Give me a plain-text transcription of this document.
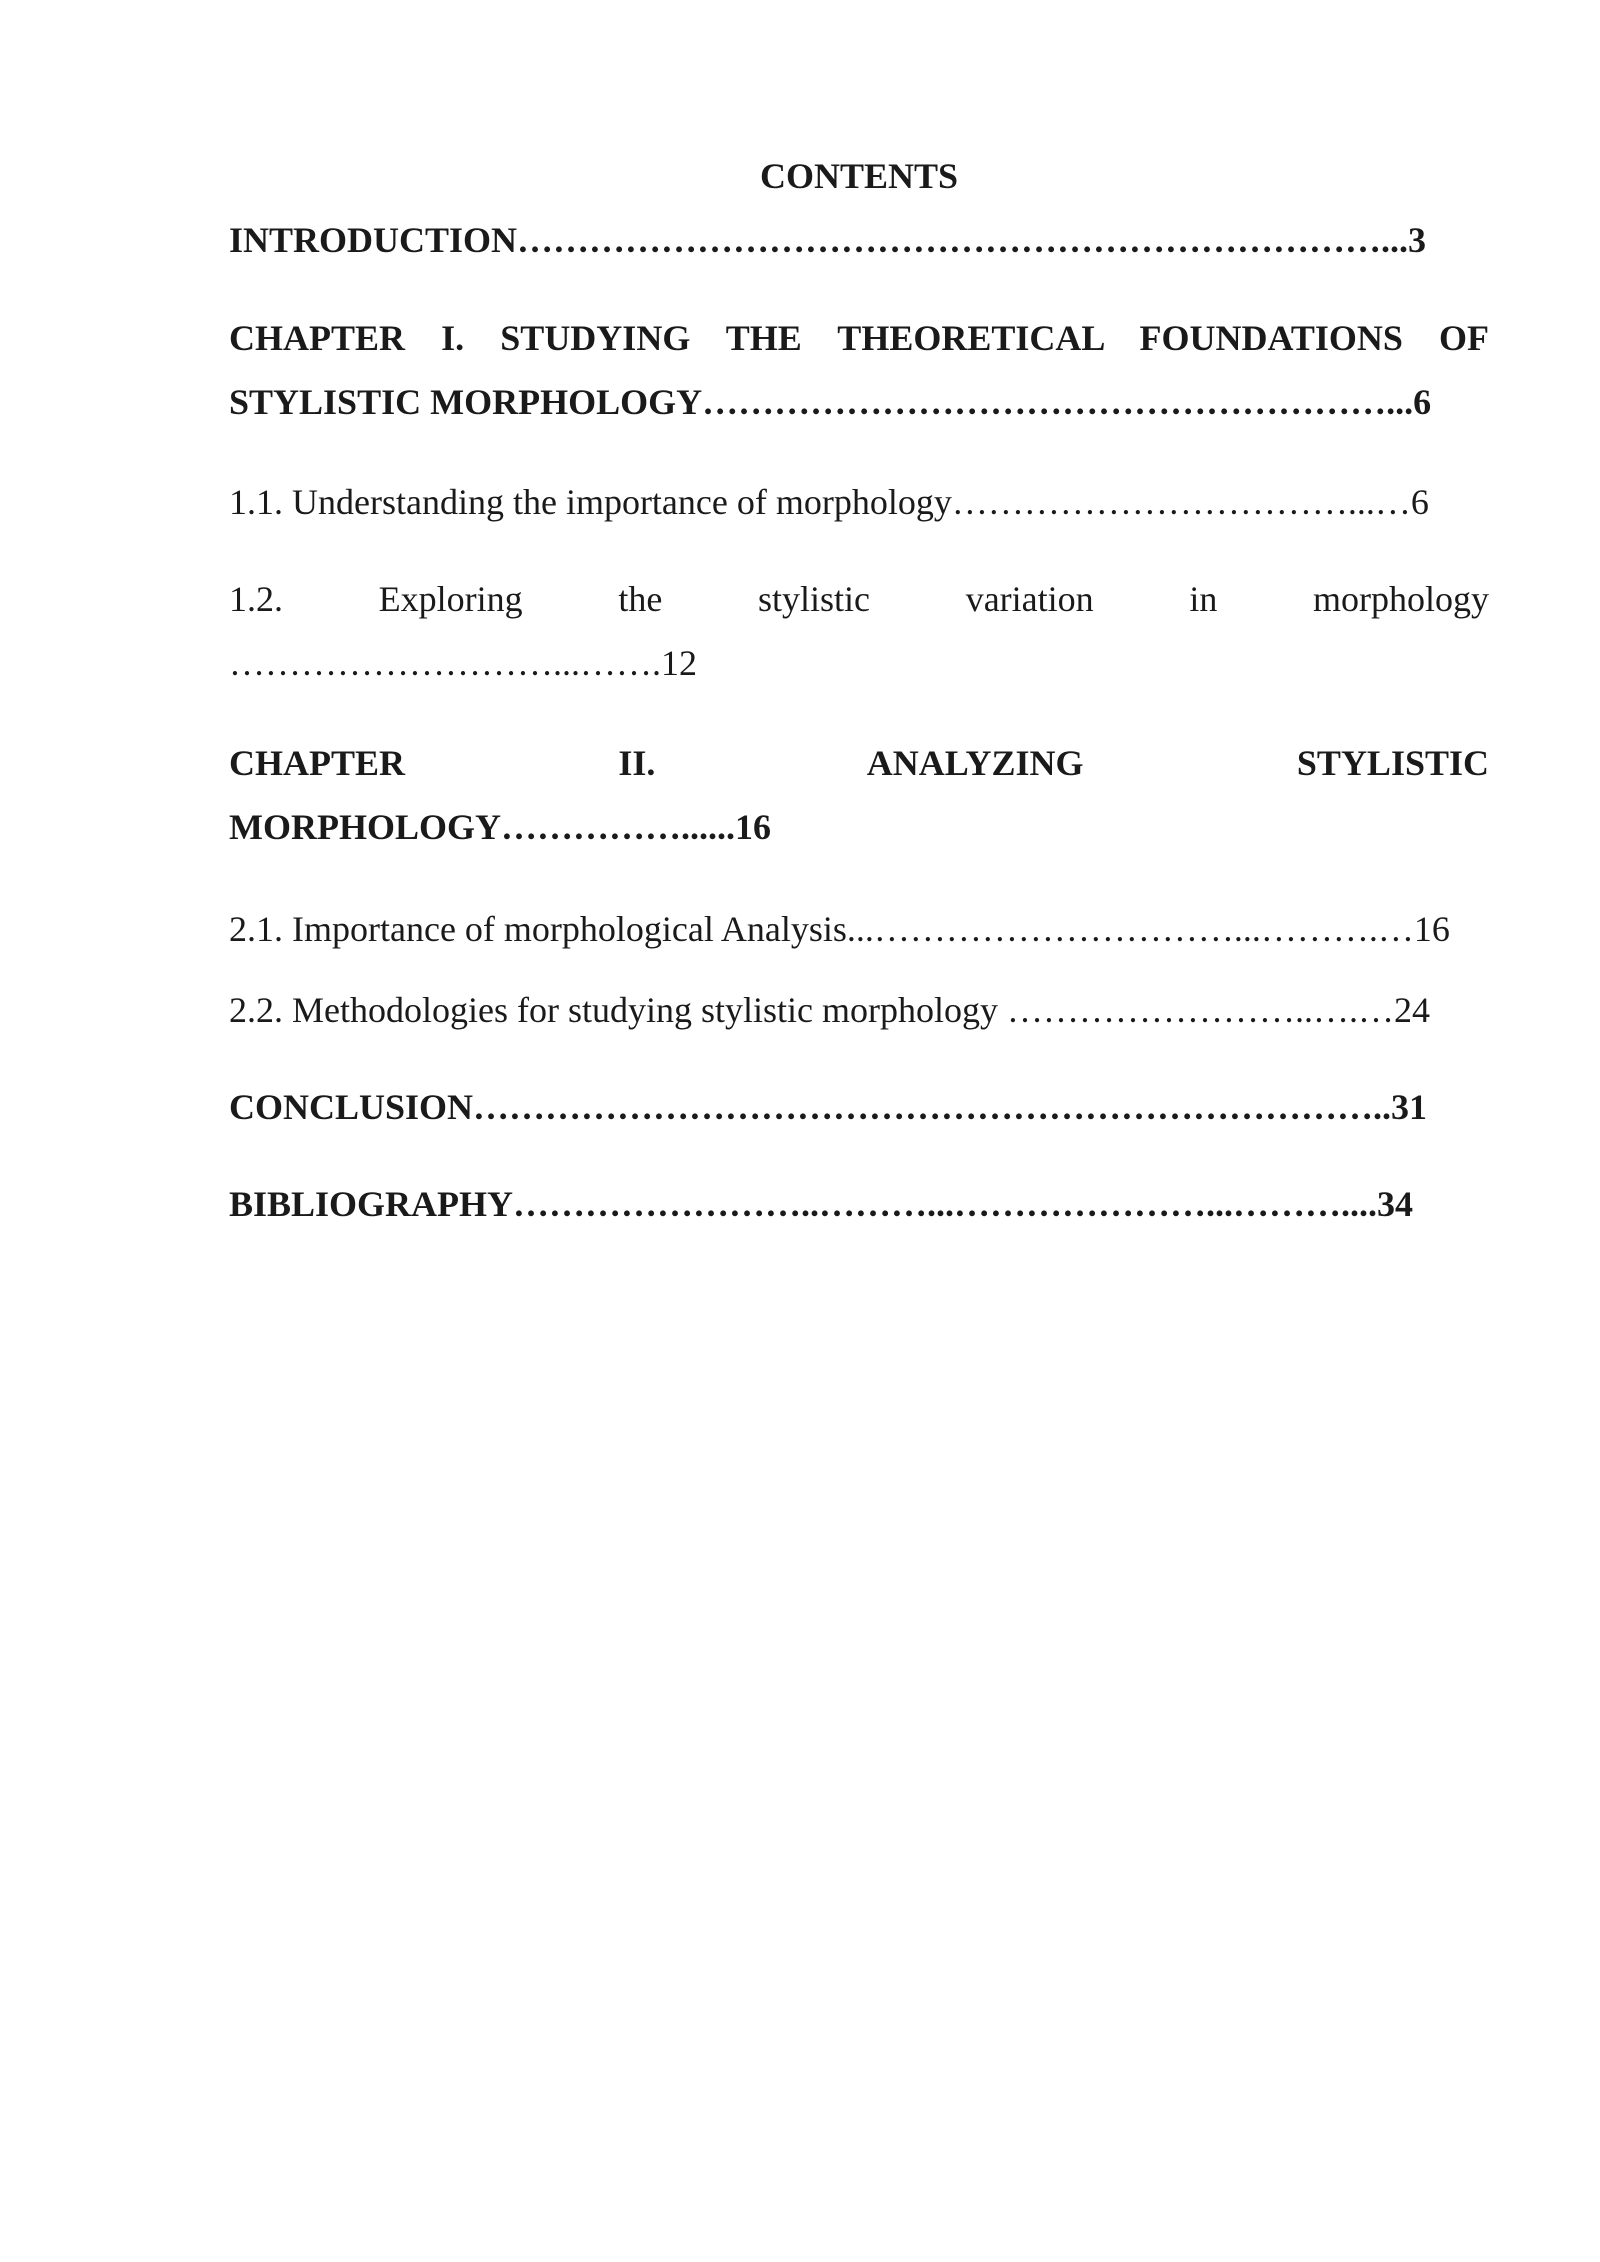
CONTENTS
INTRODUCTION………………………………………………………………...3
CHAPTER I. STUDYING THE THEORETICAL FOUNDATIONS OF
STYLISTIC MORPHOLOGY…………………………………………………...6
1.1. Understanding the importance of morphology……………………………...…6
1.2. Exploring the stylistic variation in morphology
………………………...…….12
CHAPTER II. ANALYZING STYLISTIC
MORPHOLOGY……………......16
2.1. Importance of morphological Analysis...…………………………...……….…16
2.2. Methodologies for studying stylistic morphology ……………………..….…24
CONCLUSION…………………………………………………………………..31
BIBLIOGRAPHY……………………..………...…………………...………....34
